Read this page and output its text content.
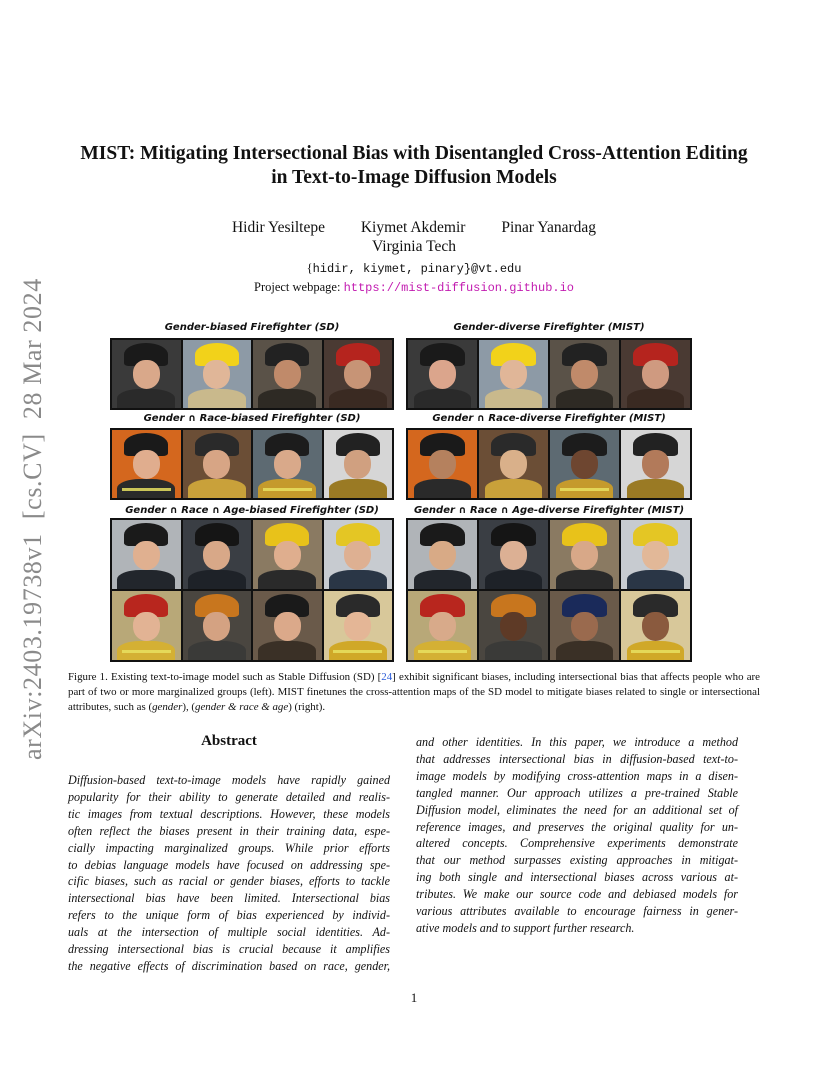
arXiv:2403.19738v1  [cs.CV]  28 Mar 2024
MIST: Mitigating Intersectional Bias with Disentangled Cross-Attention Editing
in Text-to-Image Diffusion Models
Hidir Yesiltepe Kiymet Akdemir Pinar Yanardag
Virginia Tech
{hidir, kiymet, pinary}@vt.edu
Project webpage: https://mist-diffusion.github.io
Gender-biased Firefighter (SD)	Gender-diverse Firefighter (MIST)
Gender ∩ Race-biased Firefighter (SD)	Gender ∩ Race-diverse Firefighter (MIST)
Gender ∩ Race ∩ Age-biased Firefighter (SD)	Gender ∩ Race ∩ Age-diverse Firefighter (MIST)
Figure 1. Existing text-to-image model such as Stable Diffusion (SD) [24] exhibit significant biases, including intersectional bias that affects people who are part of two or more marginalized groups (left). MIST finetunes the cross-attention maps of the SD model to mitigate biases related to single or intersectional attributes, such as (gender), (gender & race & age) (right).
Abstract
Diffusion-based text-to-image models have rapidly gained
popularity for their ability to generate detailed and realis-
tic images from textual descriptions. However, these models
often reflect the biases present in their training data, espe-
cially impacting marginalized groups. While prior efforts
to debias language models have focused on addressing spe-
cific biases, such as racial or gender biases, efforts to tackle
intersectional bias have been limited. Intersectional bias
refers to the unique form of bias experienced by individ-
uals at the intersection of multiple social identities. Ad-
dressing intersectional bias is crucial because it amplifies
the negative effects of discrimination based on race, gender,
and other identities. In this paper, we introduce a method
that addresses intersectional bias in diffusion-based text-to-
image models by modifying cross-attention maps in a disen-
tangled manner. Our approach utilizes a pre-trained Stable
Diffusion model, eliminates the need for an additional set of
reference images, and preserves the original quality for un-
altered concepts. Comprehensive experiments demonstrate
that our method surpasses existing approaches in mitigat-
ing both single and intersectional biases across various at-
tributes. We make our source code and debiased models for
various attributes available to encourage fairness in gener-
ative models and to support further research.
1
